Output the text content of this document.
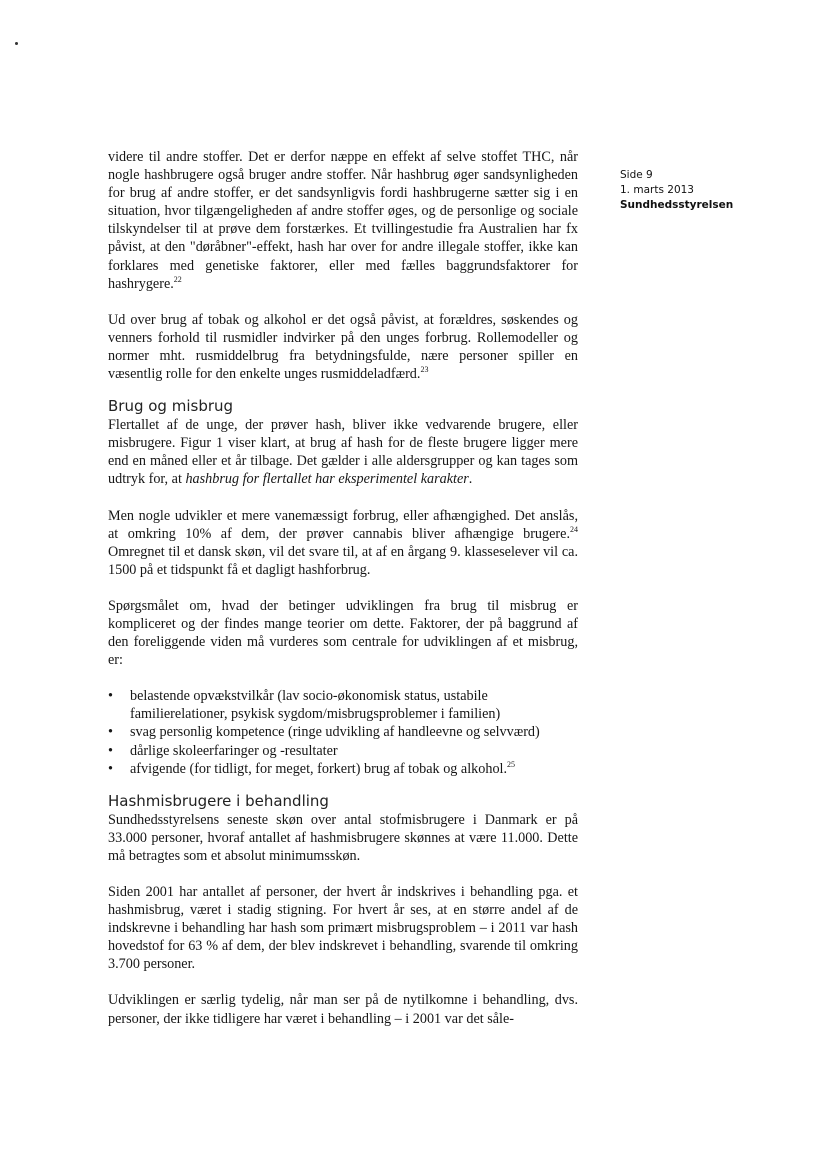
Side 9
1. marts 2013
Sundhedsstyrelsen

videre til andre stoffer. Det er derfor næppe en effekt af selve stoffet THC, når nogle hashbrugere også bruger andre stoffer. Når hashbrug øger sandsynligheden for brug af andre stoffer, er det sandsynligvis fordi hashbrugerne sætter sig i en situation, hvor tilgængeligheden af andre stoffer øges, og de personlige og sociale tilskyndelser til at prøve dem forstærkes. Et tvillingestudie fra Australien har fx påvist, at den "døråbner"-effekt, hash har over for andre illegale stoffer, ikke kan forklares med genetiske faktorer, eller med fælles baggrundsfaktorer for hashrygere.$^{22}$

Ud over brug af tobak og alkohol er det også påvist, at forældres, søskendes og venners forhold til rusmidler indvirker på den unges forbrug. Rollemodeller og normer mht. rusmiddelbrug fra betydningsfulde, nære personer spiller en væsentlig rolle for den enkelte unges rusmiddeladfærd.$^{23}$

Brug og misbrug

Flertallet af de unge, der prøver hash, bliver ikke vedvarende brugere, eller misbrugere. Figur 1 viser klart, at brug af hash for de fleste brugere ligger mere end en måned eller et år tilbage. Det gælder i alle aldersgrupper og kan tages som udtryk for, at hashbrug for flertallet har eksperimentel karakter.

Men nogle udvikler et mere vanemæssigt forbrug, eller afhængighed. Det anslås, at omkring 10% af dem, der prøver cannabis bliver afhængige brugere.$^{24}$ Omregnet til et dansk skøn, vil det svare til, at af en årgang 9. klasseselever vil ca. 1500 på et tidspunkt få et dagligt hashforbrug.

Spørgsmålet om, hvad der betinger udviklingen fra brug til misbrug er kompliceret og der findes mange teorier om dette. Faktorer, der på baggrund af den foreliggende viden må vurderes som centrale for udviklingen af et misbrug, er:

• belastende opvækstvilkår (lav socio-økonomisk status, ustabile familierelationer, psykisk sygdom/misbrugsproblemer i familien)
• svag personlig kompetence (ringe udvikling af handleevne og selvværd)
• dårlige skoleerfaringer og -resultater
• afvigende (for tidligt, for meget, forkert) brug af tobak og alkohol.$^{25}$
Hashmisbrugere i behandling

Sundhedsstyrelsens seneste skøn over antal stofmisbrugere i Danmark er på 33.000 personer, hvoraf antallet af hashmisbrugere skønnes at være 11.000. Dette må betragtes som et absolut minimumsskøn.

Siden 2001 har antallet af personer, der hvert år indskrives i behandling pga. et hashmisbrug, været i stadig stigning. For hvert år ses, at en større andel af de indskrevne i behandling har hash som primært misbrugsproblem – i 2011 var hash hovedstof for 63 % af dem, der blev indskrevet i behandling, svarende til omkring 3.700 personer.

Udviklingen er særlig tydelig, når man ser på de nytilkomne i behandling, dvs. personer, der ikke tidligere har været i behandling – i 2001 var det såle-
